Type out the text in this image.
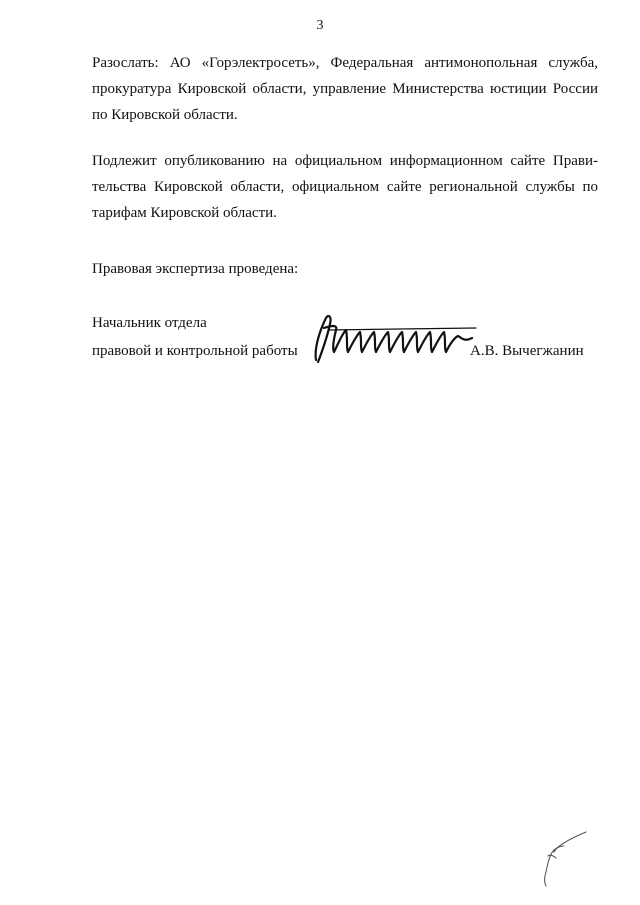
3
Разослать: АО «Горэлектросеть», Федеральная антимонопольная служба,
прокуратура Кировской области, управление Министерства юстиции России
по Кировской области.
Подлежит опубликованию на официальном информационном сайте Прави-
тельства Кировской области, официальном сайте региональной службы по
тарифам Кировской области.
Правовая экспертиза проведена:
Начальник отдела
правовой и контрольной работы	А.В. Вычегжанин
